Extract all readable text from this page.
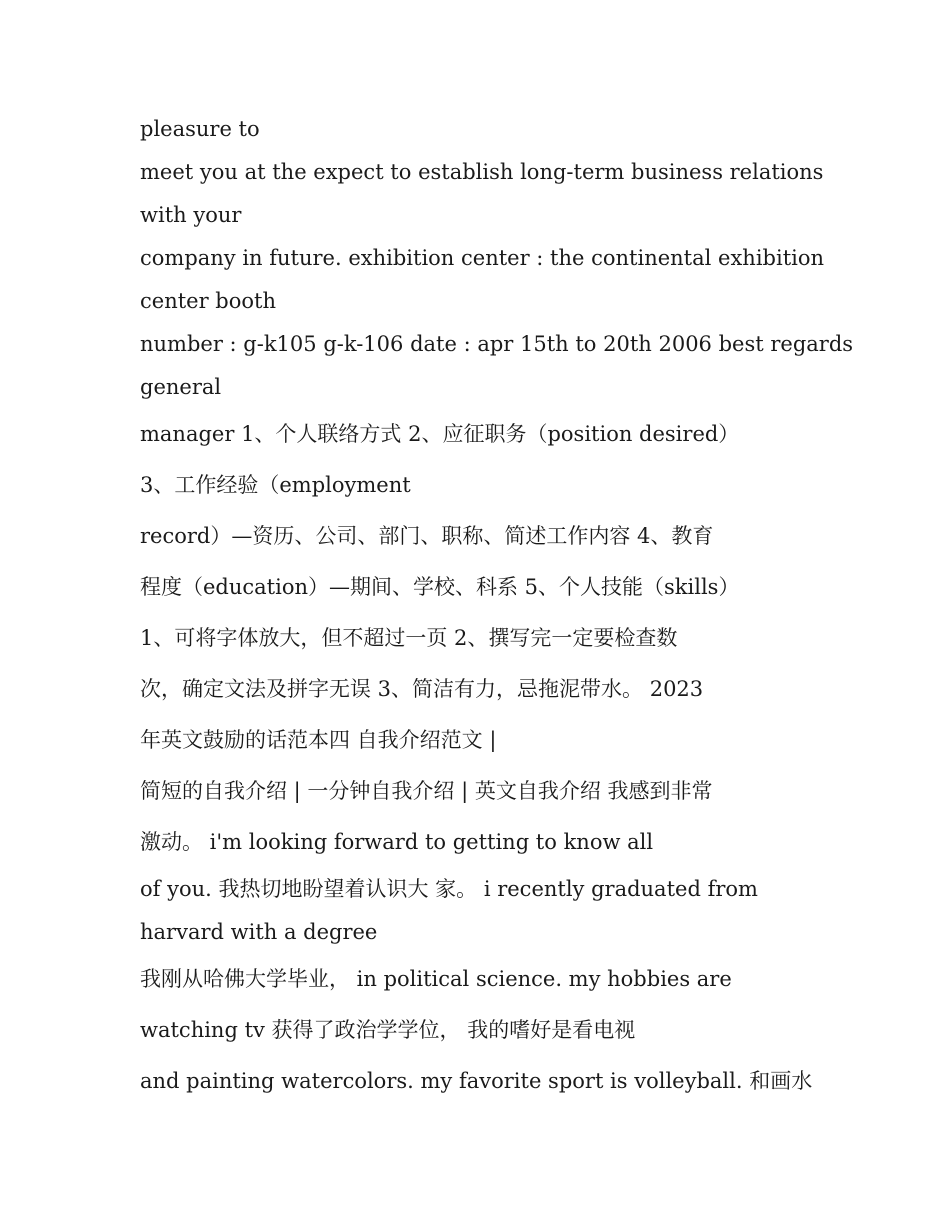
pleasure to
meet you at the expect to establish long-term business relations
with your
company in future. exhibition center : the continental exhibition
center booth
number : g-k105 g-k-106 date : apr 15th to 20th 2006 best regards
general
manager 1、个人联络方式 2、应征职务（position desired）
3、工作经验（employment
record）—资历、公司、部门、职称、简述工作内容 4、教育
程度（education）—期间、学校、科系 5、个人技能（skills）
1、可将字体放大，但不超过一页 2、撰写完一定要检查数
次，确定文法及拼字无误 3、简洁有力，忌拖泥带水。 2023
年英文鼓励的话范本四 自我介绍范文 |
简短的自我介绍 | 一分钟自我介绍 | 英文自我介绍 我感到非常
激动。 i'm looking forward to getting to know all
of you. 我热切地盼望着认识大 家。 i recently graduated from
harvard with a degree
我刚从哈佛大学毕业， in political science. my hobbies are
watching tv 获得了政治学学位， 我的嗜好是看电视
and painting watercolors. my favorite sport is volleyball. 和画水
